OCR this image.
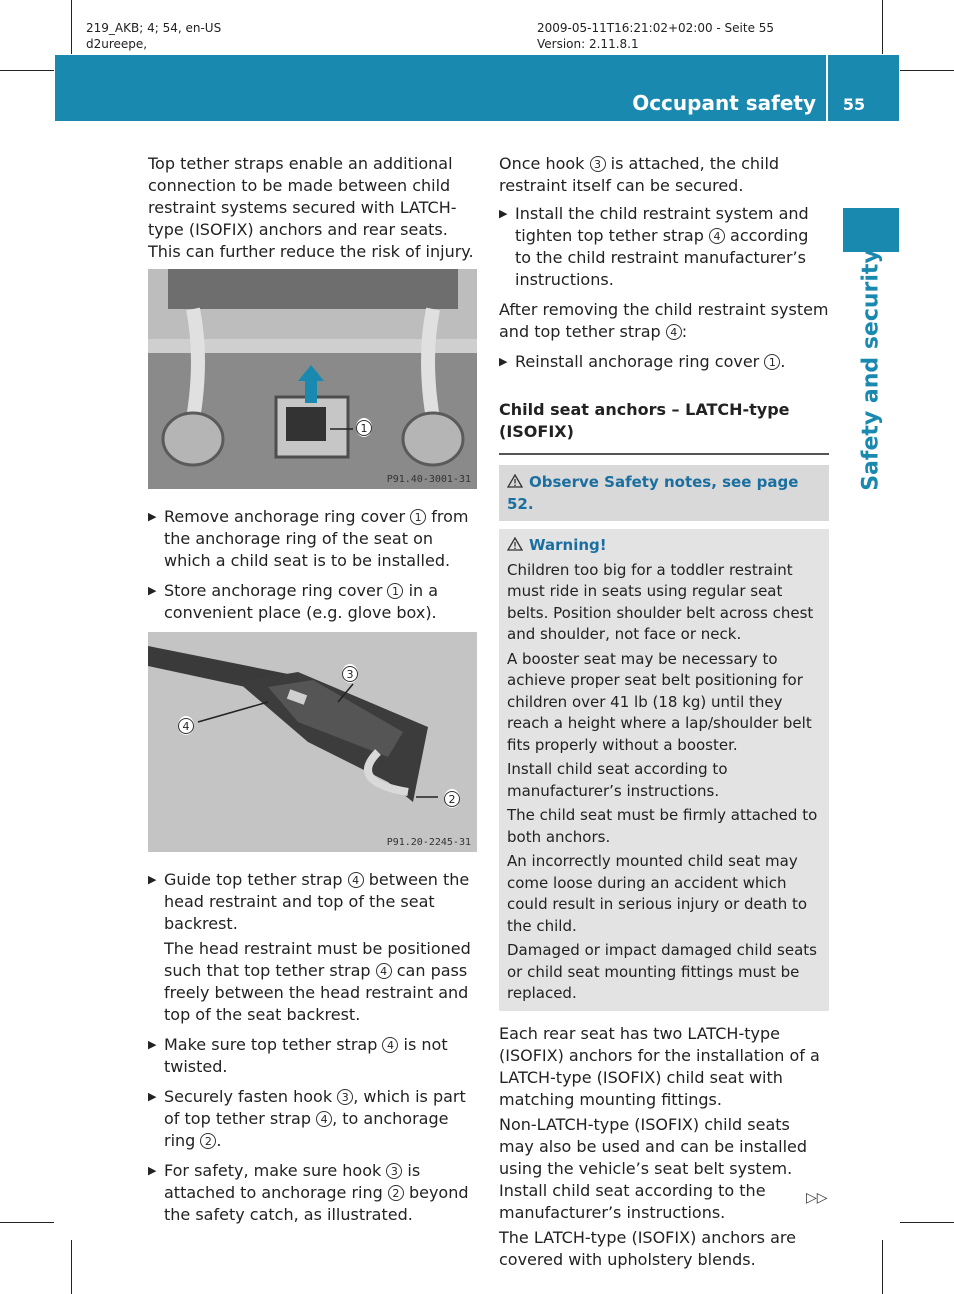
219_AKB; 4; 54, en-US
d2ureepe,
2009-05-11T16:21:02+02:00 - Seite 55
Version: 2.11.8.1
Occupant safety	55
Safety and security

Top tether straps enable an additional connection to be made between child restraint systems secured with LATCH-type (ISOFIX) anchors and rear seats. This can further reduce the risk of injury.

1
P91.40-3001-31
▶ Remove anchorage ring cover 1 from the anchorage ring of the seat on which a child seat is to be installed.
▶ Store anchorage ring cover 1 in a convenient place (e.g. glove box).
3
4
2
P91.20-2245-31
▶ Guide top tether strap 4 between the head restraint and top of the seat backrest.
The head restraint must be positioned such that top tether strap 4 can pass freely between the head restraint and top of the seat backrest.
▶ Make sure top tether strap 4 is not twisted.
▶ Securely fasten hook 3 , which is part of top tether strap 4 , to anchorage ring 2 .
▶ For safety, make sure hook 3 is attached to anchorage ring 2 beyond the safety catch, as illustrated.

Once hook 3 is attached, the child restraint itself can be secured.

▶ Install the child restraint system and tighten top tether strap 4 according to the child restraint manufacturer’s instructions.

After removing the child restraint system and top tether strap 4 :

▶ Reinstall anchorage ring cover 1 .

Child seat anchors – LATCH-type (ISOFIX)

Observe Safety notes, see page 52.

Warning!

Children too big for a toddler restraint must ride in seats using regular seat belts. Position shoulder belt across chest and shoulder, not face or neck.

A booster seat may be necessary to achieve proper seat belt positioning for children over 41 lb (18 kg) until they reach a height where a lap/shoulder belt fits properly without a booster.

Install child seat according to manufacturer’s instructions.

The child seat must be firmly attached to both anchors.

An incorrectly mounted child seat may come loose during an accident which could result in serious injury or death to the child.

Damaged or impact damaged child seats or child seat mounting fittings must be replaced.

Each rear seat has two LATCH-type (ISOFIX) anchors for the installation of a LATCH-type (ISOFIX) child seat with matching mounting fittings.

Non-LATCH-type (ISOFIX) child seats may also be used and can be installed using the vehicle’s seat belt system. Install child seat according to the manufacturer’s instructions.

The LATCH-type (ISOFIX) anchors are covered with upholstery blends.

▷▷
